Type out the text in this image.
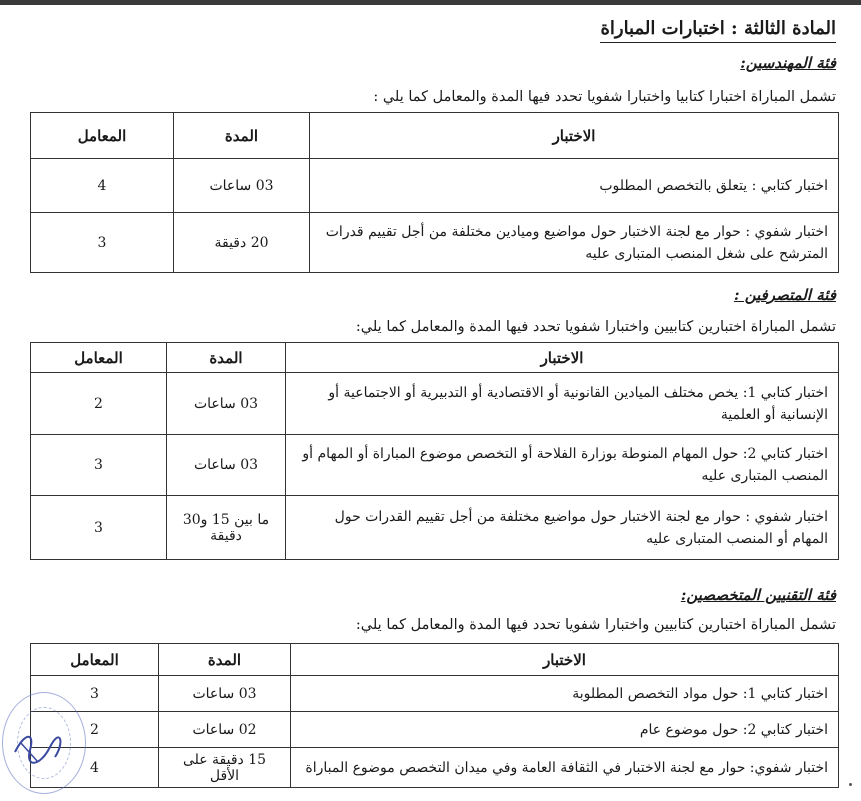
المادة الثالثة : اختبارات المباراة
فئة المهندسين:
تشمل المباراة اختبارا كتابيا واختبارا شفويا تحدد فيها المدة والمعامل كما يلي :
الاختبار	المدة	المعامل
اختبار كتابي : يتعلق بالتخصص المطلوب	03 ساعات	4
اختبار شفوي : حوار مع لجنة الاختبار حول مواضيع وميادين مختلفة من أجل تقييم قدرات المترشح على شغل المنصب المتبارى عليه	20 دقيقة	3
فئة المتصرفين :
تشمل المباراة اختبارين كتابيين واختبارا شفويا تحدد فيها المدة والمعامل كما يلي:
الاختبار	المدة	المعامل
اختبار كتابي 1: يخص مختلف الميادين القانونية أو الاقتصادية أو التدبيرية أو الاجتماعية أو الإنسانية أو العلمية	03 ساعات	2
اختبار كتابي 2: حول المهام المنوطة بوزارة الفلاحة أو التخصص موضوع المباراة أو المهام أو المنصب المتبارى عليه	03 ساعات	3
اختبار شفوي : حوار مع لجنة الاختبار حول مواضيع مختلفة من أجل تقييم القدرات حول المهام أو المنصب المتبارى عليه	ما بين 15 و30 دقيقة	3
فئة التقنيين المتخصصين:
تشمل المباراة اختبارين كتابيين واختبارا شفويا تحدد فيها المدة والمعامل كما يلي:
الاختبار	المدة	المعامل
اختبار كتابي 1: حول مواد التخصص المطلوبة	03 ساعات	3
اختبار كتابي 2: حول موضوع عام	02 ساعات	2
اختبار شفوي: حوار مع لجنة الاختبار في الثقافة العامة وفي ميدان التخصص موضوع المباراة	15 دقيقة على الأقل	4
